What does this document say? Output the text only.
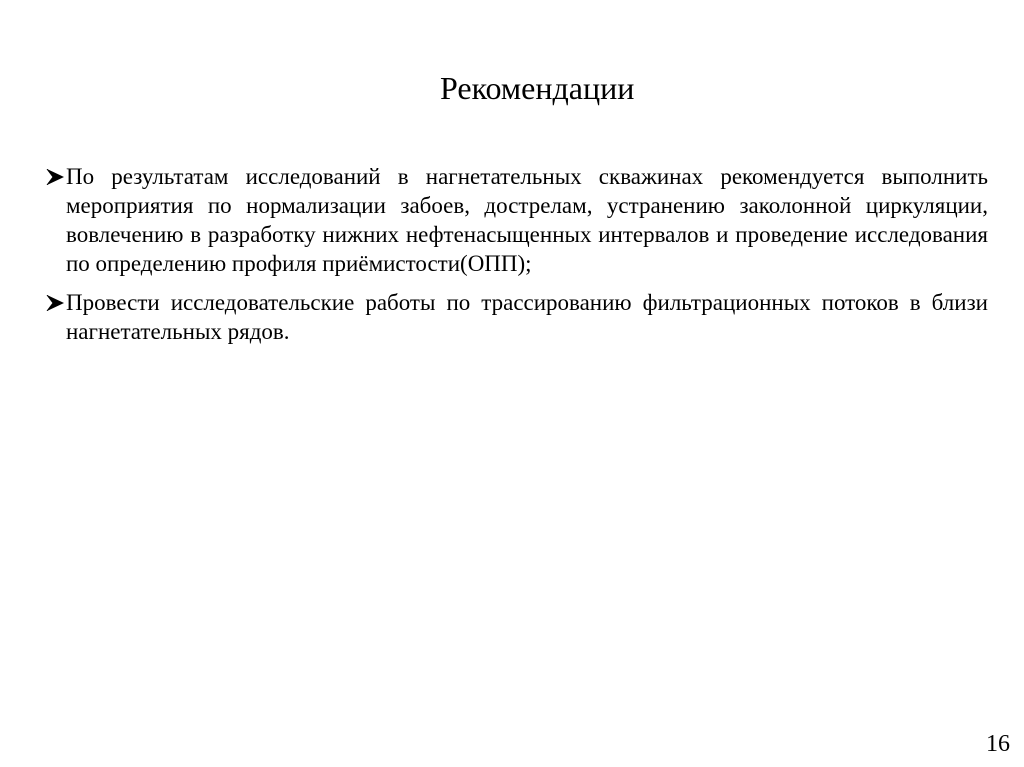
Рекомендации
По результатам исследований в нагнетательных скважинах рекомендуется выполнить мероприятия по нормализации забоев, дострелам, устранению заколонной циркуляции, вовлечению в разработку нижних нефтенасыщенных интервалов и проведение исследования по определению профиля приёмистости(ОПП);
Провести исследовательские работы по трассированию фильтрационных потоков в близи нагнетательных рядов.
16
